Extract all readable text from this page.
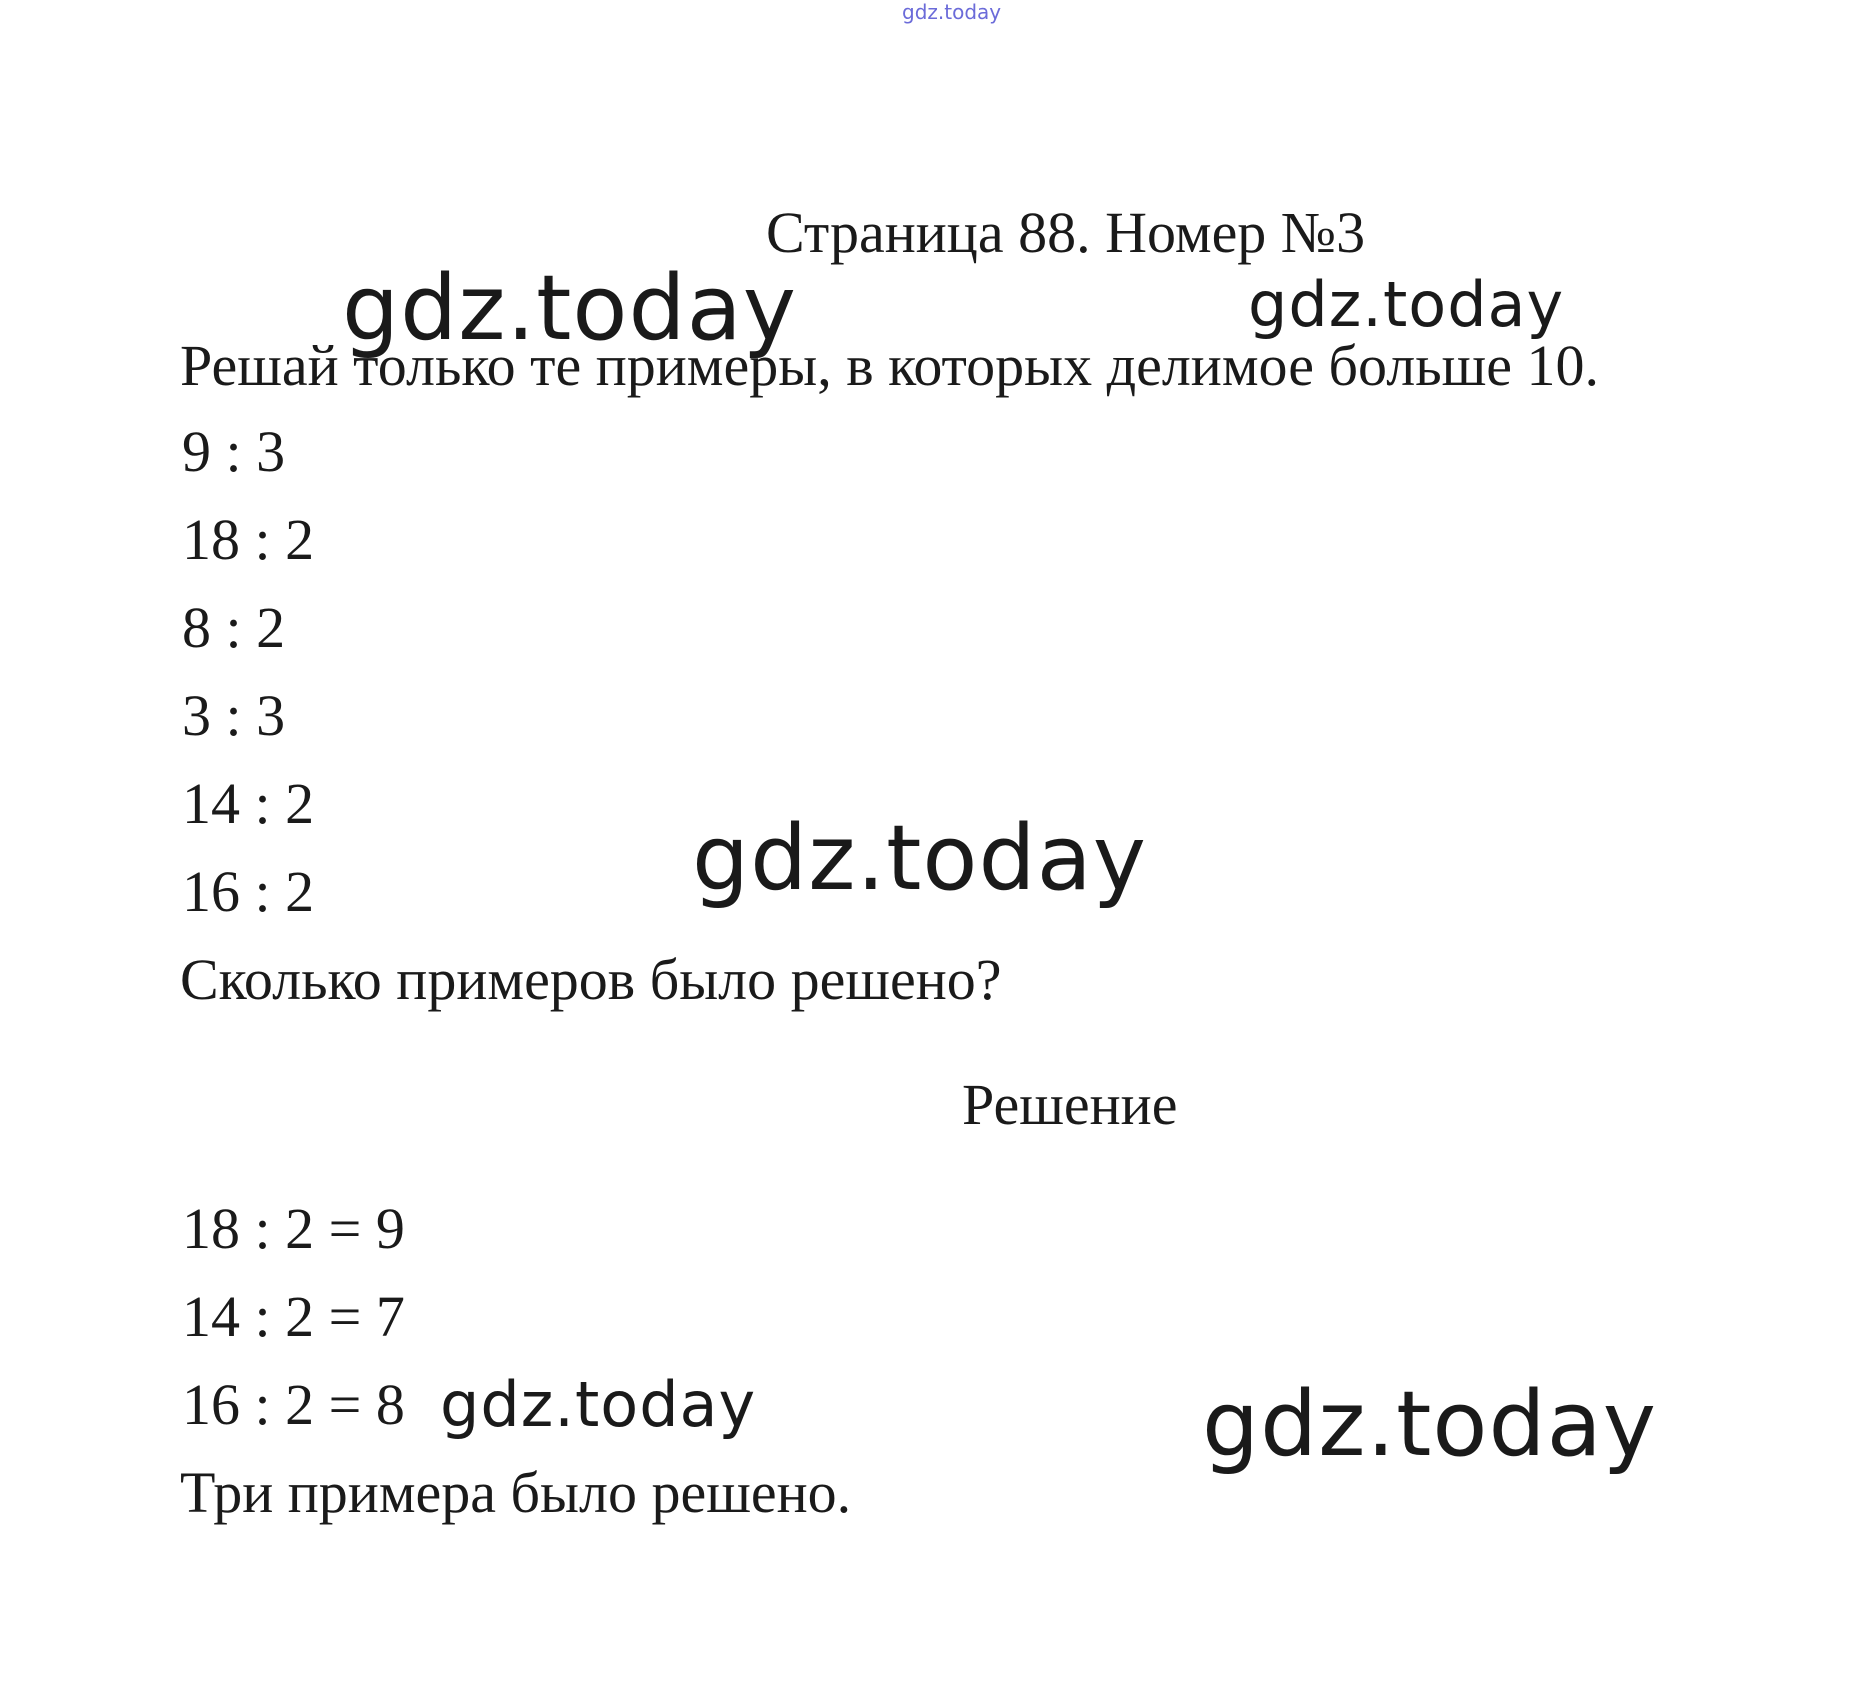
gdz.today
Страница 88. Номер №3
gdz.today	gdz.today
Решай только те примеры, в которых делимое больше 10.
9 : 3
18 : 2
8 : 2
3 : 3
14 : 2
16 : 2	gdz.today
Сколько примеров было решено?
Решение
18 : 2 = 9
14 : 2 = 7
16 : 2 = 8 gdz.today	gdz.today
Три примера было решено.
